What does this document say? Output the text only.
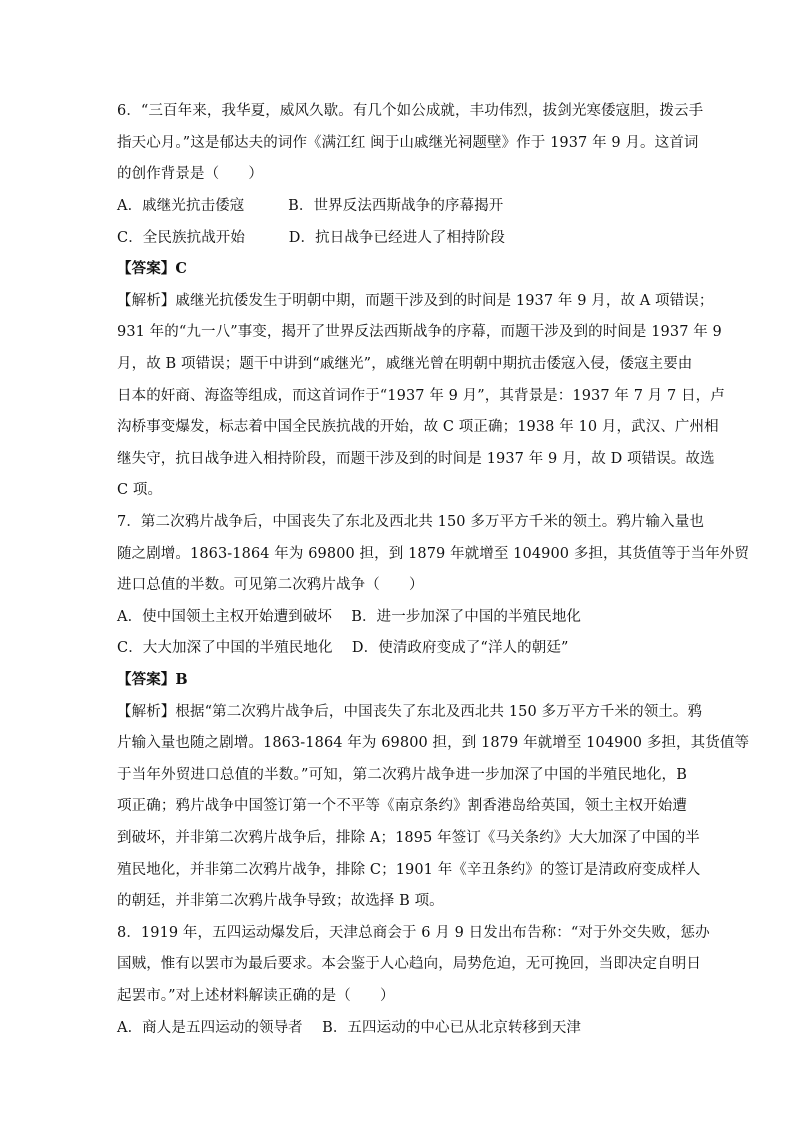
6．“三百年来，我华夏，威风久歇。有几个如公成就，丰功伟烈，拔剑光寒倭寇胆，拨云手
指天心月。”这是郁达夫的词作《满江红 闽于山戚继光祠题壁》作于 1937 年 9 月。这首词
的创作背景是（　　）
A．戚继光抗击倭寇　　　B．世界反法西斯战争的序幕揭开
C．全民族抗战开始　　　D．抗日战争已经进人了相持阶段
【答案】C
【解析】戚继光抗倭发生于明朝中期，而题干涉及到的时间是 1937 年 9 月，故 A 项错误；
931 年的“九一八”事变，揭开了世界反法西斯战争的序幕，而题干涉及到的时间是 1937 年 9
月，故 B 项错误；题干中讲到“戚继光”，戚继光曾在明朝中期抗击倭寇入侵，倭寇主要由
日本的奸商、海盗等组成，而这首词作于“1937 年 9 月”，其背景是：1937 年 7 月 7 日，卢
沟桥事变爆发，标志着中国全民族抗战的开始，故 C 项正确；1938 年 10 月，武汉、广州相
继失守，抗日战争进入相持阶段，而题干涉及到的时间是 1937 年 9 月，故 D 项错误。故选
C 项。
7．第二次鸦片战争后，中国丧失了东北及西北共 150 多万平方千米的领土。鸦片输入量也
随之剧增。1863-1864 年为 69800 担，到 1879 年就增至 104900 多担，其货值等于当年外贸
进口总值的半数。可见第二次鸦片战争（　　）
A．使中国领土主权开始遭到破坏　 B．进一步加深了中国的半殖民地化
C．大大加深了中国的半殖民地化　 D．使清政府变成了“洋人的朝廷”
【答案】B
【解析】根据“第二次鸦片战争后，中国丧失了东北及西北共 150 多万平方千米的领土。鸦
片输入量也随之剧增。1863-1864 年为 69800 担，到 1879 年就增至 104900 多担，其货值等
于当年外贸进口总值的半数。”可知，第二次鸦片战争进一步加深了中国的半殖民地化，B
项正确；鸦片战争中国签订第一个不平等《南京条约》割香港岛给英国，领土主权开始遭
到破坏，并非第二次鸦片战争后，排除 A；1895 年签订《马关条约》大大加深了中国的半
殖民地化，并非第二次鸦片战争，排除 C；1901 年《辛丑条约》的签订是清政府变成样人
的朝廷，并非第二次鸦片战争导致；故选择 B 项。
8．1919 年，五四运动爆发后，天津总商会于 6 月 9 日发出布告称：“对于外交失败，惩办
国贼，惟有以罢市为最后要求。本会鉴于人心趋向，局势危迫，无可挽回，当即决定自明日
起罢市。”对上述材料解读正确的是（　　）
A．商人是五四运动的领导者　 B．五四运动的中心已从北京转移到天津
